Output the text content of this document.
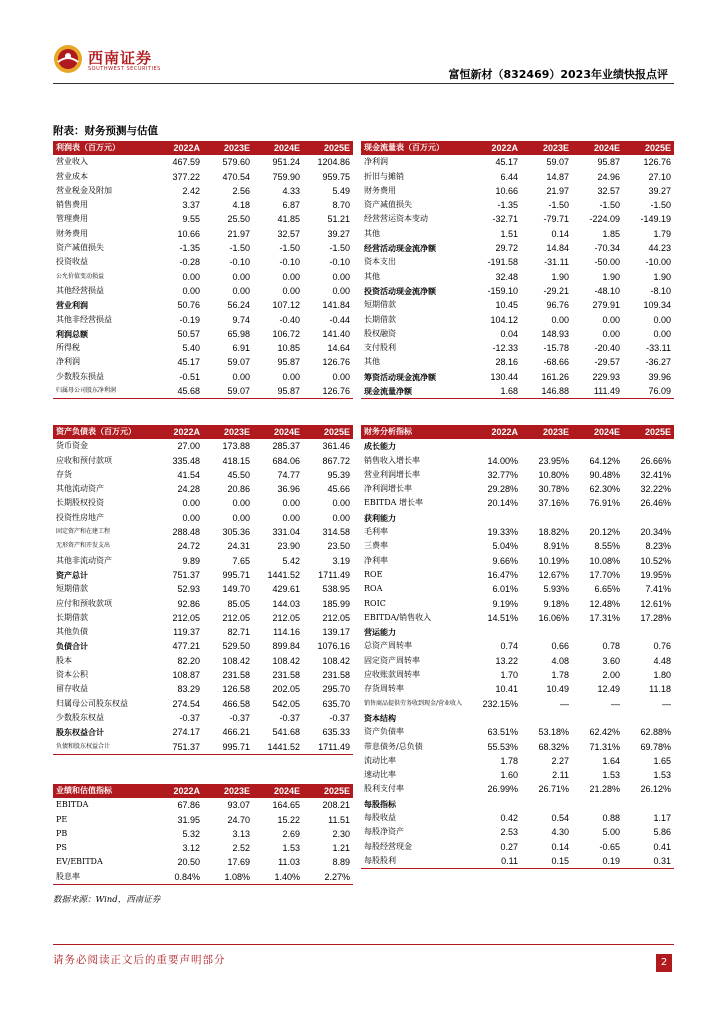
西南证券
SOUTHWEST SECURITIES	富恒新材（832469）2023年业绩快报点评
附表：财务预测与估值
利润表（百万元）	2022A	2023E	2024E	2025E
营业收入	467.59	579.60	951.24	1204.86
营业成本	377.22	470.54	759.90	959.75
营业税金及附加	2.42	2.56	4.33	5.49
销售费用	3.37	4.18	6.87	8.70
管理费用	9.55	25.50	41.85	51.21
财务费用	10.66	21.97	32.57	39.27
资产减值损失	-1.35	-1.50	-1.50	-1.50
投资收益	-0.28	-0.10	-0.10	-0.10
公允价值变动损益	0.00	0.00	0.00	0.00
其他经营损益	0.00	0.00	0.00	0.00
营业利润	50.76	56.24	107.12	141.84
其他非经营损益	-0.19	9.74	-0.40	-0.44
利润总额	50.57	65.98	106.72	141.40
所得税	5.40	6.91	10.85	14.64
净利润	45.17	59.07	95.87	126.76
少数股东损益	-0.51	0.00	0.00	0.00
归属母公司股东净利润	45.68	59.07	95.87	126.76
现金流量表（百万元）	2022A	2023E	2024E	2025E
净利润	45.17	59.07	95.87	126.76
折旧与摊销	6.44	14.87	24.96	27.10
财务费用	10.66	21.97	32.57	39.27
资产减值损失	-1.35	-1.50	-1.50	-1.50
经营营运资本变动	-32.71	-79.71	-224.09	-149.19
其他	1.51	0.14	1.85	1.79
经营活动现金流净额	29.72	14.84	-70.34	44.23
资本支出	-191.58	-31.11	-50.00	-10.00
其他	32.48	1.90	1.90	1.90
投资活动现金流净额	-159.10	-29.21	-48.10	-8.10
短期借款	10.45	96.76	279.91	109.34
长期借款	104.12	0.00	0.00	0.00
股权融资	0.04	148.93	0.00	0.00
支付股利	-12.33	-15.78	-20.40	-33.11
其他	28.16	-68.66	-29.57	-36.27
筹资活动现金流净额	130.44	161.26	229.93	39.96
现金流量净额	1.68	146.88	111.49	76.09
资产负债表（百万元）	2022A	2023E	2024E	2025E
货币资金	27.00	173.88	285.37	361.46
应收和预付款项	335.48	418.15	684.06	867.72
存货	41.54	45.50	74.77	95.39
其他流动资产	24.28	20.86	36.96	45.66
长期股权投资	0.00	0.00	0.00	0.00
投资性房地产	0.00	0.00	0.00	0.00
固定资产和在建工程	288.48	305.36	331.04	314.58
无形资产和开发支出	24.72	24.31	23.90	23.50
其他非流动资产	9.89	7.65	5.42	3.19
资产总计	751.37	995.71	1441.52	1711.49
短期借款	52.93	149.70	429.61	538.95
应付和预收款项	92.86	85.05	144.03	185.99
长期借款	212.05	212.05	212.05	212.05
其他负债	119.37	82.71	114.16	139.17
负债合计	477.21	529.50	899.84	1076.16
股本	82.20	108.42	108.42	108.42
资本公积	108.87	231.58	231.58	231.58
留存收益	83.29	126.58	202.05	295.70
归属母公司股东权益	274.54	466.58	542.05	635.70
少数股东权益	-0.37	-0.37	-0.37	-0.37
股东权益合计	274.17	466.21	541.68	635.33
负债和股东权益合计	751.37	995.71	1441.52	1711.49
财务分析指标	2022A	2023E	2024E	2025E
成长能力				
销售收入增长率	14.00%	23.95%	64.12%	26.66%
营业利润增长率	32.77%	10.80%	90.48%	32.41%
净利润增长率	29.28%	30.78%	62.30%	32.22%
EBITDA 增长率	20.14%	37.16%	76.91%	26.46%
获利能力				
毛利率	19.33%	18.82%	20.12%	20.34%
三费率	5.04%	8.91%	8.55%	8.23%
净利率	9.66%	10.19%	10.08%	10.52%
ROE	16.47%	12.67%	17.70%	19.95%
ROA	6.01%	5.93%	6.65%	7.41%
ROIC	9.19%	9.18%	12.48%	12.61%
EBITDA/销售收入	14.51%	16.06%	17.31%	17.28%
营运能力				
总资产周转率	0.74	0.66	0.78	0.76
固定资产周转率	13.22	4.08	3.60	4.48
应收账款周转率	1.70	1.78	2.00	1.80
存货周转率	10.41	10.49	12.49	11.18
销售商品提供劳务收到现金/营业收入	232.15%	—	—	—
资本结构				
资产负债率	63.51%	53.18%	62.42%	62.88%
带息债务/总负债	55.53%	68.32%	71.31%	69.78%
流动比率	1.78	2.27	1.64	1.65
速动比率	1.60	2.11	1.53	1.53
股利支付率	26.99%	26.71%	21.28%	26.12%
每股指标				
每股收益	0.42	0.54	0.88	1.17
每股净资产	2.53	4.30	5.00	5.86
每股经营现金	0.27	0.14	-0.65	0.41
每股股利	0.11	0.15	0.19	0.31
业绩和估值指标	2022A	2023E	2024E	2025E
EBITDA	67.86	93.07	164.65	208.21
PE	31.95	24.70	15.22	11.51
PB	5.32	3.13	2.69	2.30
PS	3.12	2.52	1.53	1.21
EV/EBITDA	20.50	17.69	11.03	8.89
股息率	0.84%	1.08%	1.40%	2.27%
数据来源：Wind，西南证券
请务必阅读正文后的重要声明部分	2
